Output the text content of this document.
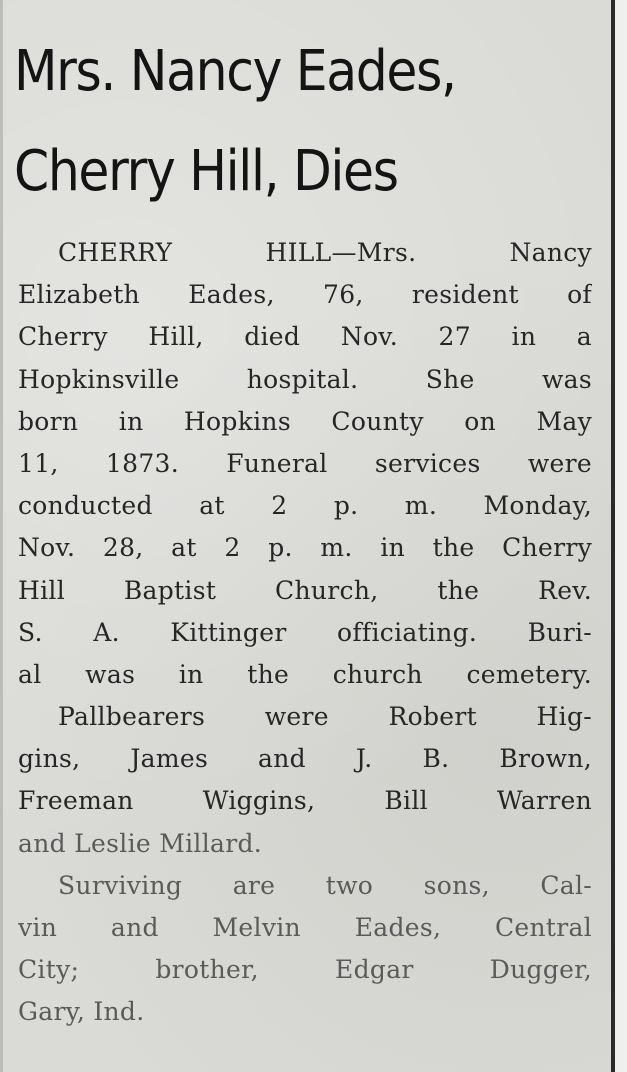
Mrs. Nancy Eades,
Cherry Hill, Dies
CHERRY HILL—Mrs. Nancy
Elizabeth Eades, 76, resident of
Cherry Hill, died Nov. 27 in a
Hopkinsville hospital. She was
born in Hopkins County on May
11, 1873. Funeral services were
conducted at 2 p. m. Monday,
Nov. 28, at 2 p. m. in the Cherry
Hill Baptist Church, the Rev.
S. A. Kittinger officiating. Buri-
al was in the church cemetery.
Pallbearers were Robert Hig-
gins, James and J. B. Brown,
Freeman Wiggins, Bill Warren
and Leslie Millard.
Surviving are two sons, Cal-
vin and Melvin Eades, Central
City; brother, Edgar Dugger,
Gary, Ind.
